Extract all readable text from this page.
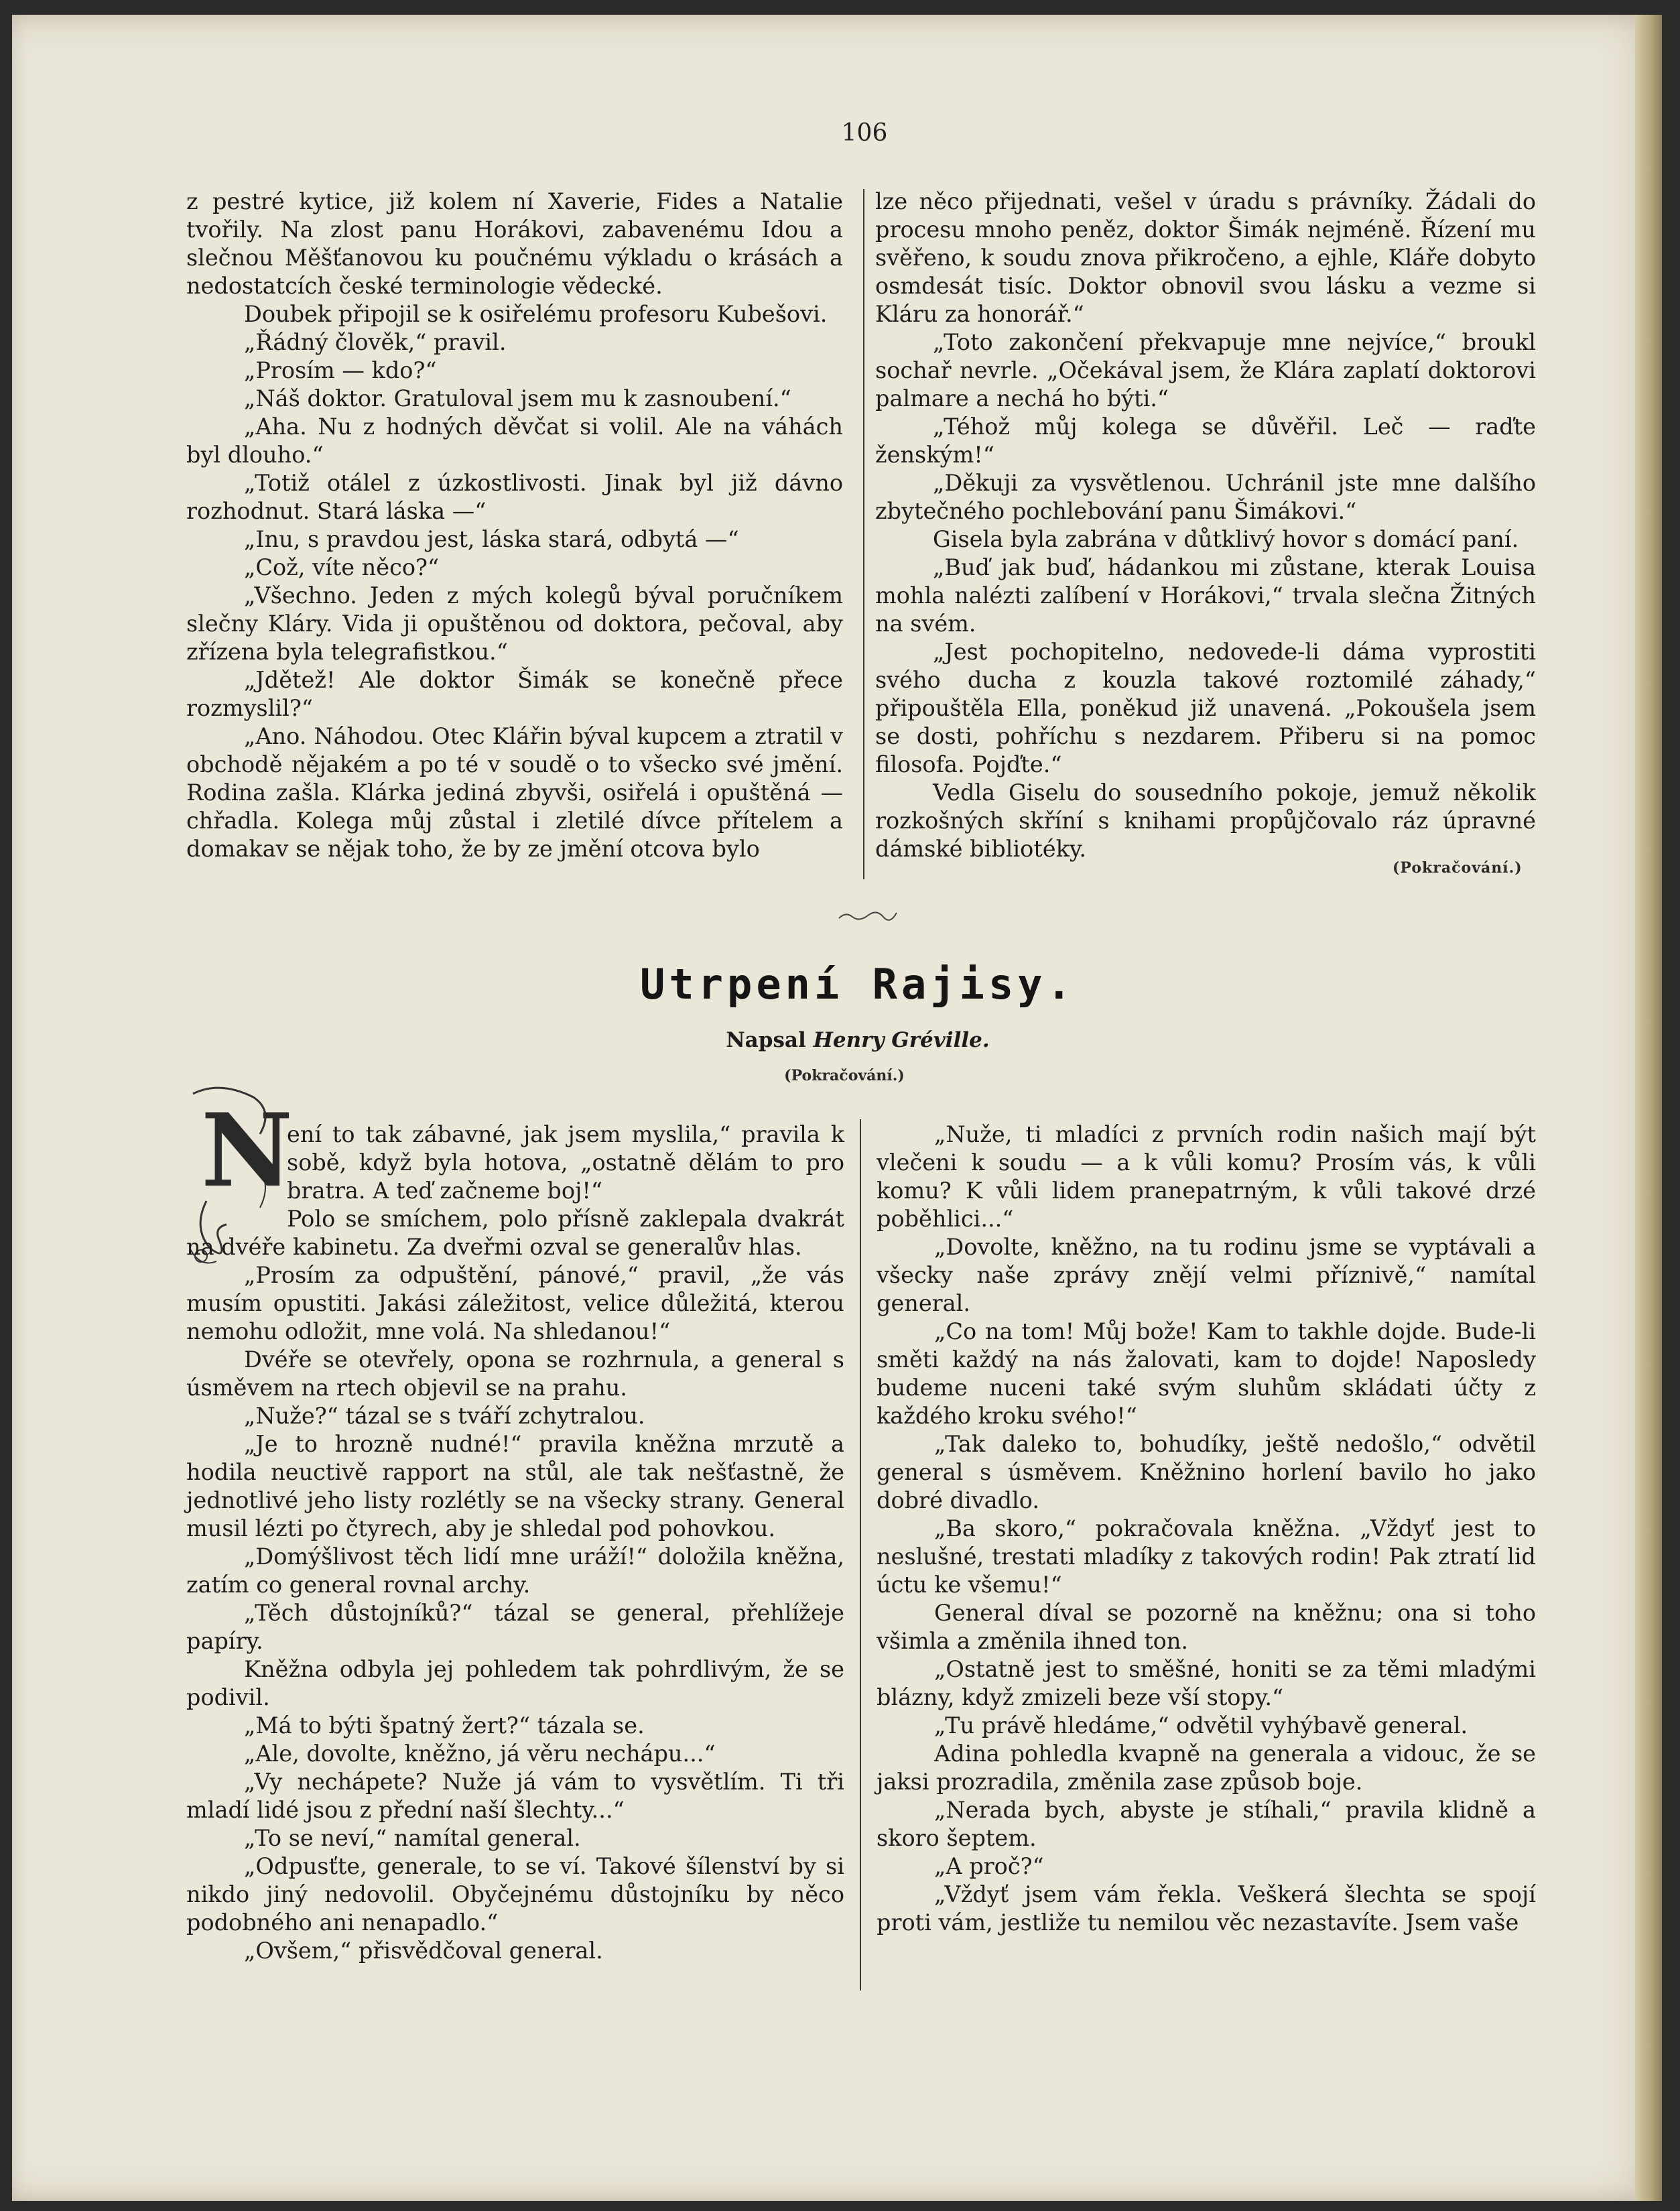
106

z pestré kytice, již kolem ní Xaverie, Fides a Natalie tvořily. Na zlost panu Horákovi, zabavenému Idou a slečnou Měšťanovou ku poučnému výkladu o krásách a nedostatcích české terminologie vědecké.

Doubek připojil se k osiřelému profesoru Kubešovi.

„Řádný člověk,“ pravil.

„Prosím — kdo?“

„Náš doktor. Gratuloval jsem mu k zasnoubení.“

„Aha. Nu z hodných děvčat si volil. Ale na váhách byl dlouho.“

„Totiž otálel z úzkostlivosti. Jinak byl již dávno rozhodnut. Stará láska —“

„Inu, s pravdou jest, láska stará, odbytá —“

„Což, víte něco?“

„Všechno. Jeden z mých kolegů býval poručníkem slečny Kláry. Vida ji opuštěnou od doktora, pečoval, aby zřízena byla telegrafistkou.“

„Jdětež! Ale doktor Šimák se konečně přece rozmyslil?“

„Ano. Náhodou. Otec Klářin býval kupcem a ztratil v obchodě nějakém a po té v soudě o to všecko své jmění. Rodina zašla. Klárka jediná zbyvši, osiřelá i opuštěná — chřadla. Kolega můj zůstal i zletilé dívce přítelem a domakav se nějak toho, že by ze jmění otcova bylo

lze něco přijednati, vešel v úradu s právníky. Žádali do procesu mnoho peněz, doktor Šimák nejméně. Řízení mu svěřeno, k soudu znova přikročeno, a ejhle, Kláře dobyto osmdesát tisíc. Doktor obnovil svou lásku a vezme si Kláru za honorář.“

„Toto zakončení překvapuje mne nejvíce,“ broukl sochař nevrle. „Očekával jsem, že Klára zaplatí doktorovi palmare a nechá ho býti.“

„Téhož můj kolega se důvěřil. Leč — raďte ženským!“

„Děkuji za vysvětlenou. Uchránil jste mne dalšího zbytečného pochlebování panu Šimákovi.“

Gisela byla zabrána v důtklivý hovor s domácí paní.

„Buď jak buď, hádankou mi zůstane, kterak Louisa mohla nalézti zalíbení v Horákovi,“ trvala slečna Žitných na svém.

„Jest pochopitelno, nedovede-li dáma vyprostiti svého ducha z kouzla takové roztomilé záhady,“ připouštěla Ella, poněkud již unavená. „Pokoušela jsem se dosti, pohříchu s nezdarem. Přiberu si na pomoc filosofa. Pojďte.“

Vedla Giselu do sousedního pokoje, jemuž několik rozkošných skříní s knihami propůjčovalo ráz úpravné dámské bibliotéky.

(Pokračování.)
Utrpení Rajisy.
Napsal Henry Gréville.
(Pokračování.)
N

ení to tak zábavné, jak jsem myslila,“ pravila k sobě, když byla hotova, „ostatně dělám to pro bratra. A teď začneme boj!“

Polo se smíchem, polo přísně zaklepala dvakrát na dvéře kabinetu. Za dveřmi ozval se generalův hlas.

„Prosím za odpuštění, pánové,“ pravil, „že vás musím opustiti. Jakási záležitost, velice důležitá, kterou nemohu odložit, mne volá. Na shledanou!“

Dvéře se otevřely, opona se rozhrnula, a general s úsměvem na rtech objevil se na prahu.

„Nuže?“ tázal se s tváří zchytralou.

„Je to hrozně nudné!“ pravila kněžna mrzutě a hodila neuctivě rapport na stůl, ale tak nešťastně, že jednotlivé jeho listy rozlétly se na všecky strany. General musil lézti po čtyrech, aby je shledal pod pohovkou.

„Domýšlivost těch lidí mne uráží!“ doložila kněžna, zatím co general rovnal archy.

„Těch důstojníků?“ tázal se general, přehlížeje papíry.

Kněžna odbyla jej pohledem tak pohrdlivým, že se podivil.

„Má to býti špatný žert?“ tázala se.

„Ale, dovolte, kněžno, já věru nechápu...“

„Vy nechápete? Nuže já vám to vysvětlím. Ti tři mladí lidé jsou z přední naší šlechty...“

„To se neví,“ namítal general.

„Odpusťte, generale, to se ví. Takové šílenství by si nikdo jiný nedovolil. Obyčejnému důstojníku by něco podobného ani nenapadlo.“

„Ovšem,“ přisvědčoval general.

„Nuže, ti mladíci z prvních rodin našich mají být vlečeni k soudu — a k vůli komu? Prosím vás, k vůli komu? K vůli lidem pranepatrným, k vůli takové drzé poběhlici...“

„Dovolte, kněžno, na tu rodinu jsme se vyptávali a všecky naše zprávy znějí velmi příznivě,“ namítal general.

„Co na tom! Můj bože! Kam to takhle dojde. Bude-li směti každý na nás žalovati, kam to dojde! Naposledy budeme nuceni také svým sluhům skládati účty z každého kroku svého!“

„Tak daleko to, bohudíky, ještě nedošlo,“ odvětil general s úsměvem. Kněžnino horlení bavilo ho jako dobré divadlo.

„Ba skoro,“ pokračovala kněžna. „Vždyť jest to neslušné, trestati mladíky z takových rodin! Pak ztratí lid úctu ke všemu!“

General díval se pozorně na kněžnu; ona si toho všimla a změnila ihned ton.

„Ostatně jest to směšné, honiti se za těmi mladými blázny, když zmizeli beze vší stopy.“

„Tu právě hledáme,“ odvětil vyhýbavě general.

Adina pohledla kvapně na generala a vidouc, že se jaksi prozradila, změnila zase způsob boje.

„Nerada bych, abyste je stíhali,“ pravila klidně a skoro šeptem.

„A proč?“

„Vždyť jsem vám řekla. Veškerá šlechta se spojí proti vám, jestliže tu nemilou věc nezastavíte. Jsem vaše
